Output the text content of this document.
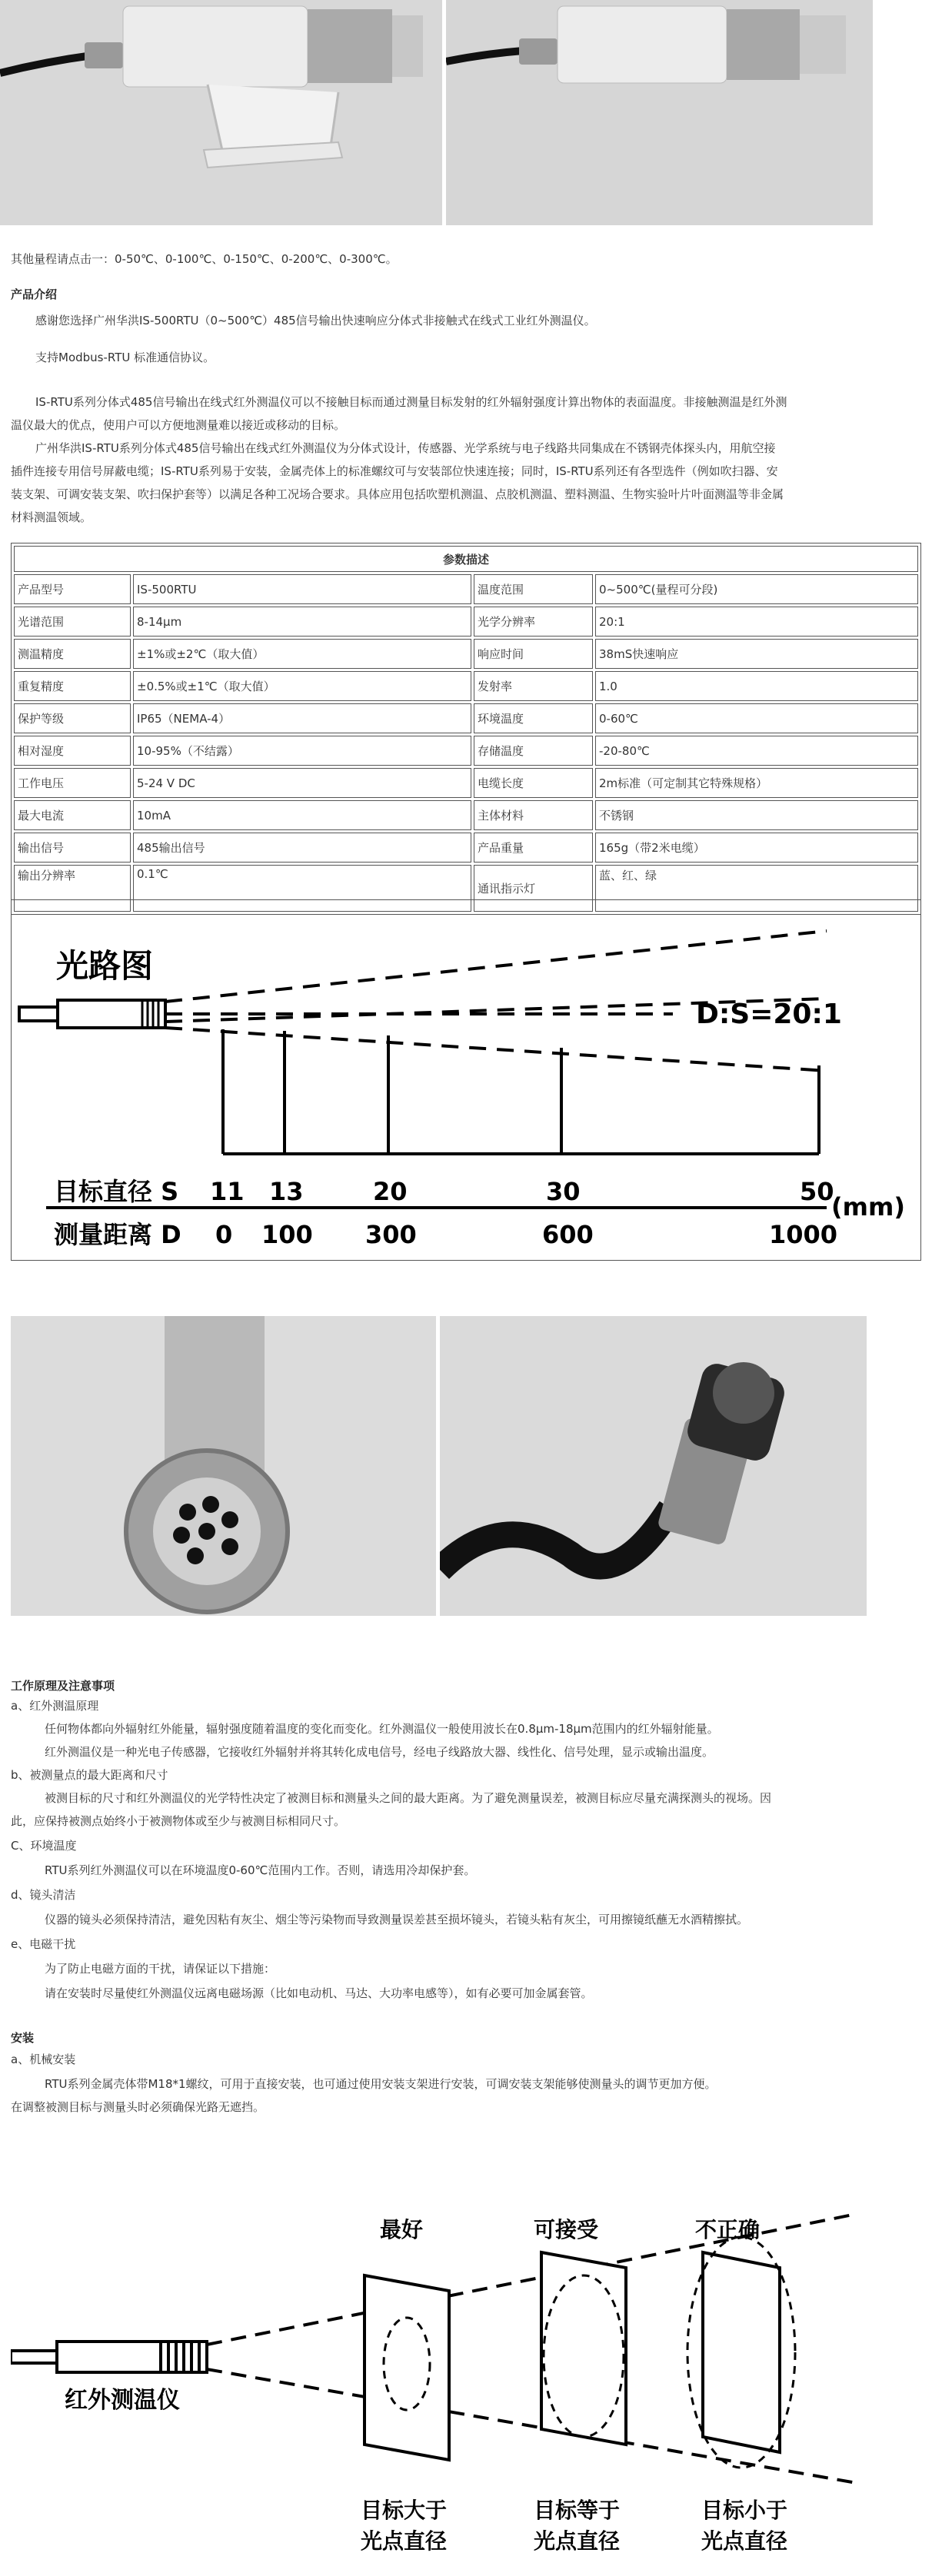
其他量程请点击一：0-50℃、0-100℃、0-150℃、0-200℃、0-300℃。

产品介绍

感谢您选择广州华洪IS-500RTU（0~500℃）485信号输出快速响应分体式非接触式在线式工业红外测温仪。

支持Modbus-RTU 标准通信协议。

IS-RTU系列分体式485信号输出在线式红外测温仪可以不接触目标而通过测量目标发射的红外辐射强度计算出物体的表面温度。非接触测温是红外测

温仪最大的优点，使用户可以方便地测量难以接近或移动的目标。

广州华洪IS-RTU系列分体式485信号输出在线式红外测温仪为分体式设计，传感器、光学系统与电子线路共同集成在不锈钢壳体探头内，用航空接

插件连接专用信号屏蔽电缆；IS-RTU系列易于安装，金属壳体上的标准螺纹可与安装部位快速连接；同时，IS-RTU系列还有各型选件（例如吹扫器、安

装支架、可调安装支架、吹扫保护套等）以满足各种工况场合要求。具体应用包括吹塑机测温、点胶机测温、塑料测温、生物实验叶片叶面测温等非金属

材料测温领域。

参数描述			
产品型号	IS-500RTU	温度范围	0~500℃(量程可分段)
光谱范围	8-14μm	光学分辨率	20:1
测温精度	±1%或±2℃（取大值）	响应时间	38mS快速响应
重复精度	±0.5%或±1℃（取大值）	发射率	1.0
保护等级	IP65（NEMA-4）	环境温度	0-60℃
相对湿度	10-95%（不结露）	存储温度	-20-80℃
工作电压	5-24 V DC	电缆长度	2m标准（可定制其它特殊规格）
最大电流	10mA	主体材料	不锈钢
输出信号	485输出信号	产品重量	165g（带2米电缆）
输出分辨率	0.1℃	通讯指示灯	蓝、红、绿
光路图
D:S=20:1
目标直径 S
测量距离 D
(mm)
11 13	20	30	50
0 100 300	600	1000
工作原理及注意事项

a、红外测温原理

任何物体都向外辐射红外能量，辐射强度随着温度的变化而变化。红外测温仪一般使用波长在0.8μm-18μm范围内的红外辐射能量。

红外测温仪是一种光电子传感器，它接收红外辐射并将其转化成电信号，经电子线路放大器、线性化、信号处理，显示或输出温度。

b、被测量点的最大距离和尺寸

被测目标的尺寸和红外测温仪的光学特性决定了被测目标和测量头之间的最大距离。为了避免测量误差，被测目标应尽量充满探测头的视场。因

此，应保持被测点始终小于被测物体或至少与被测目标相同尺寸。

C、环境温度

RTU系列红外测温仪可以在环境温度0-60℃范围内工作。否则，请选用冷却保护套。

d、镜头清洁

仪器的镜头必须保持清洁，避免因粘有灰尘、烟尘等污染物而导致测量误差甚至损坏镜头，若镜头粘有灰尘，可用擦镜纸蘸无水酒精擦拭。

e、电磁干扰

为了防止电磁方面的干扰，请保证以下措施：

请在安装时尽量使红外测温仪远离电磁场源（比如电动机、马达、大功率电感等），如有必要可加金属套管。

安装

a、机械安装

RTU系列金属壳体带M18*1螺纹，可用于直接安装，也可通过使用安装支架进行安装，可调安装支架能够使测量头的调节更加方便。

在调整被测目标与测量头时必须确保光路无遮挡。

最好	可接受	不正确
红外测温仪
目标大于
光点直径
目标等于
光点直径
目标小于
光点直径
